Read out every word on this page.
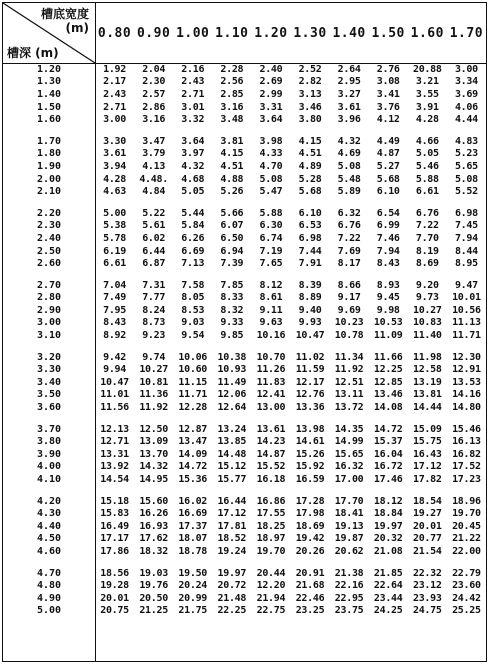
槽底宽度
(m)
槽深 (m)
0.80 0.90 1.00 1.10 1.20 1.30 1.40 1.50 1.60 1.70
1.20	1.92	2.04	2.16	2.28	2.40	2.52	2.64	2.76	20.88	3.00
1.30	2.17	2.30	2.43	2.56	2.69	2.82	2.95	3.08	3.21	3.34
1.40	2.43	2.57	2.71	2.85	2.99	3.13	3.27	3.41	3.55	3.69
1.50	2.71	2.86	3.01	3.16	3.31	3.46	3.61	3.76	3.91	4.06
1.60	3.00	3.16	3.32	3.48	3.64	3.80	3.96	4.12	4.28	4.44
1.70	3.30	3.47	3.64	3.81	3.98	4.15	4.32	4.49	4.66	4.83
1.80	3.61	3.79	3.97	4.15	4.33	4.51	4.69	4.87	5.05	5.23
1.90	3.94	4.13	4.32	4.51	4.70	4.89	5.08	5.27	5.46	5.65
2.00	4.28	4.48.	4.68	4.88	5.08	5.28	5.48	5.68	5.88	5.08
2.10	4.63	4.84	5.05	5.26	5.47	5.68	5.89	6.10	6.61	5.52
2.20	5.00	5.22	5.44	5.66	5.88	6.10	6.32	6.54	6.76	6.98
2.30	5.38	5.61	5.84	6.07	6.30	6.53	6.76	6.99	7.22	7.45
2.40	5.78	6.02	6.26	6.50	6.74	6.98	7.22	7.46	7.70	7.94
2.50	6.19	6.44	6.69	6.94	7.19	7.44	7.69	7.94	8.19	8.44
2.60	6.61	6.87	7.13	7.39	7.65	7.91	8.17	8.43	8.69	8.95
2.70	7.04	7.31	7.58	7.85	8.12	8.39	8.66	8.93	9.20	9.47
2.80	7.49	7.77	8.05	8.33	8.61	8.89	9.17	9.45	9.73	10.01
2.90	7.95	8.24	8.53	8.32	9.11	9.40	9.69	9.98	10.27	10.56
3.00	8.43	8.73	9.03	9.33	9.63	9.93	10.23	10.53	10.83	11.13
3.10	8.92	9.23	9.54	9.85	10.16	10.47	10.78	11.09	11.40	11.71
3.20	9.42	9.74	10.06	10.38	10.70	11.02	11.34	11.66	11.98	12.30
3.30	9.94	10.27	10.60	10.93	11.26	11.59	11.92	12.25	12.58	12.91
3.40	10.47	10.81	11.15	11.49	11.83	12.17	12.51	12.85	13.19	13.53
3.50	11.01	11.36	11.71	12.06	12.41	12.76	13.11	13.46	13.81	14.16
3.60	11.56	11.92	12.28	12.64	13.00	13.36	13.72	14.08	14.44	14.80
3.70	12.13	12.50	12.87	13.24	13.61	13.98	14.35	14.72	15.09	15.46
3.80	12.71	13.09	13.47	13.85	14.23	14.61	14.99	15.37	15.75	16.13
3.90	13.31	13.70	14.09	14.48	14.87	15.26	15.65	16.04	16.43	16.82
4.00	13.92	14.32	14.72	15.12	15.52	15.92	16.32	16.72	17.12	17.52
4.10	14.54	14.95	15.36	15.77	16.18	16.59	17.00	17.46	17.82	17.23
4.20	15.18	15.60	16.02	16.44	16.86	17.28	17.70	18.12	18.54	18.96
4.30	15.83	16.26	16.69	17.12	17.55	17.98	18.41	18.84	19.27	19.70
4.40	16.49	16.93	17.37	17.81	18.25	18.69	19.13	19.97	20.01	20.45
4.50	17.17	17.62	18.07	18.52	18.97	19.42	19.87	20.32	20.77	21.22
4.60	17.86	18.32	18.78	19.24	19.70	20.26	20.62	21.08	21.54	22.00
4.70	18.56	19.03	19.50	19.97	20.44	20.91	21.38	21.85	22.32	22.79
4.80	19.28	19.76	20.24	20.72	12.20	21.68	22.16	22.64	23.12	23.60
4.90	20.01	20.50	20.99	21.48	21.94	22.46	22.95	23.44	23.93	24.42
5.00	20.75	21.25	21.75	22.25	22.75	23.25	23.75	24.25	24.75	25.25
